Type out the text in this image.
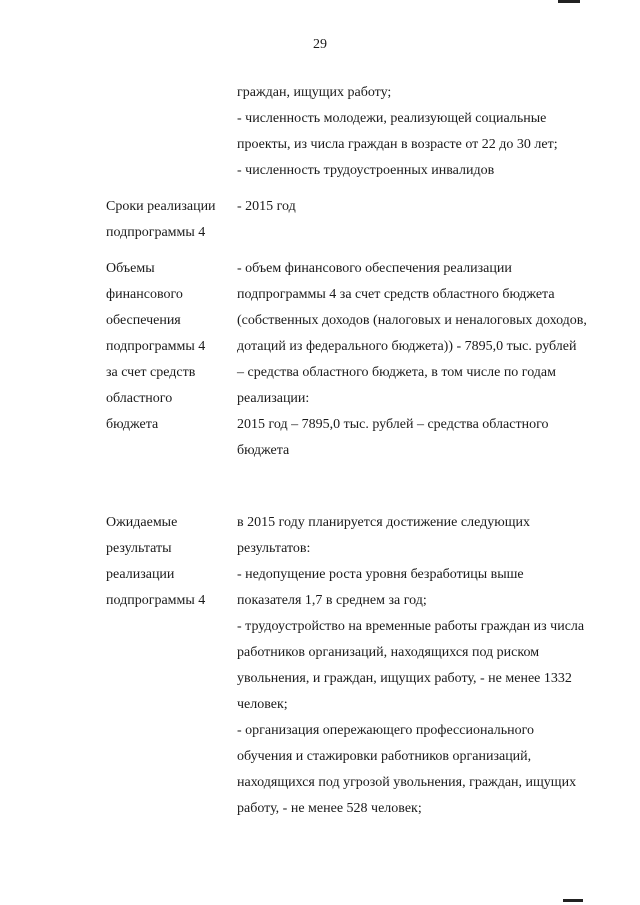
29
граждан, ищущих работу;
- численность молодежи, реализующей социальные
проекты, из числа граждан в возрасте от 22 до 30 лет;
- численность трудоустроенных инвалидов
Сроки реализации
подпрограммы 4
- 2015 год
Объемы
финансового
обеспечения
подпрограммы 4
за счет средств
областного
бюджета
- объем финансового обеспечения реализации
подпрограммы 4 за счет средств областного бюджета
(собственных доходов (налоговых и неналоговых доходов,
дотаций из федерального бюджета)) - 7895,0 тыс. рублей
– средства областного бюджета, в том числе по годам
реализации:
2015 год – 7895,0 тыс. рублей – средства областного
бюджета
Ожидаемые
результаты
реализации
подпрограммы 4
в 2015 году планируется достижение следующих
результатов:
- недопущение роста уровня безработицы выше
показателя 1,7 в среднем за год;
- трудоустройство на временные работы граждан из числа
работников организаций, находящихся под риском
увольнения, и граждан, ищущих работу, - не менее 1332
человек;
- организация опережающего профессионального
обучения и стажировки работников организаций,
находящихся под угрозой увольнения, граждан, ищущих
работу, - не менее 528 человек;
